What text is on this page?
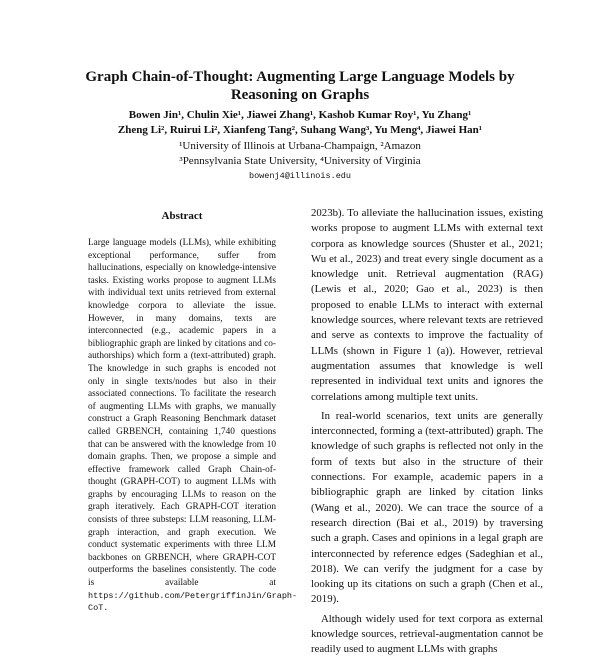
Graph Chain-of-Thought: Augmenting Large Language Models by Reasoning on Graphs
Bowen Jin¹, Chulin Xie¹, Jiawei Zhang¹, Kashob Kumar Roy¹, Yu Zhang¹
Zheng Li², Ruirui Li², Xianfeng Tang², Suhang Wang³, Yu Meng⁴, Jiawei Han¹
¹University of Illinois at Urbana-Champaign, ²Amazon
³Pennsylvania State University, ⁴University of Virginia
bowenj4@illinois.edu
Abstract
Large language models (LLMs), while exhibiting exceptional performance, suffer from hallucinations, especially on knowledge-intensive tasks. Existing works propose to augment LLMs with individual text units retrieved from external knowledge corpora to alleviate the issue. However, in many domains, texts are interconnected (e.g., academic papers in a bibliographic graph are linked by citations and co-authorships) which form a (text-attributed) graph. The knowledge in such graphs is encoded not only in single texts/nodes but also in their associated connections. To facilitate the research of augmenting LLMs with graphs, we manually construct a Graph Reasoning Benchmark dataset called GRBENCH, containing 1,740 questions that can be answered with the knowledge from 10 domain graphs. Then, we propose a simple and effective framework called Graph Chain-of-thought (GRAPH-COT) to augment LLMs with graphs by encouraging LLMs to reason on the graph iteratively. Each GRAPH-COT iteration consists of three substeps: LLM reasoning, LLM-graph interaction, and graph execution. We conduct systematic experiments with three LLM backbones on GRBENCH, where GRAPH-COT outperforms the baselines consistently. The code is available at https://github.com/PetergriffinJin/Graph-CoT.

2023b). To alleviate the hallucination issues, existing works propose to augment LLMs with external text corpora as knowledge sources (Shuster et al., 2021; Wu et al., 2023) and treat every single document as a knowledge unit. Retrieval augmentation (RAG) (Lewis et al., 2020; Gao et al., 2023) is then proposed to enable LLMs to interact with external knowledge sources, where relevant texts are retrieved and serve as contexts to improve the factuality of LLMs (shown in Figure 1 (a)). However, retrieval augmentation assumes that knowledge is well represented in individual text units and ignores the correlations among multiple text units.

In real-world scenarios, text units are generally interconnected, forming a (text-attributed) graph. The knowledge of such graphs is reflected not only in the form of texts but also in the structure of their connections. For example, academic papers in a bibliographic graph are linked by citation links (Wang et al., 2020). We can trace the source of a research direction (Bai et al., 2019) by traversing such a graph. Cases and opinions in a legal graph are interconnected by reference edges (Sadeghian et al., 2018). We can verify the judgment for a case by looking up its citations on such a graph (Chen et al., 2019).

Although widely used for text corpora as external knowledge sources, retrieval-augmentation cannot be readily used to augment LLMs with graphs
